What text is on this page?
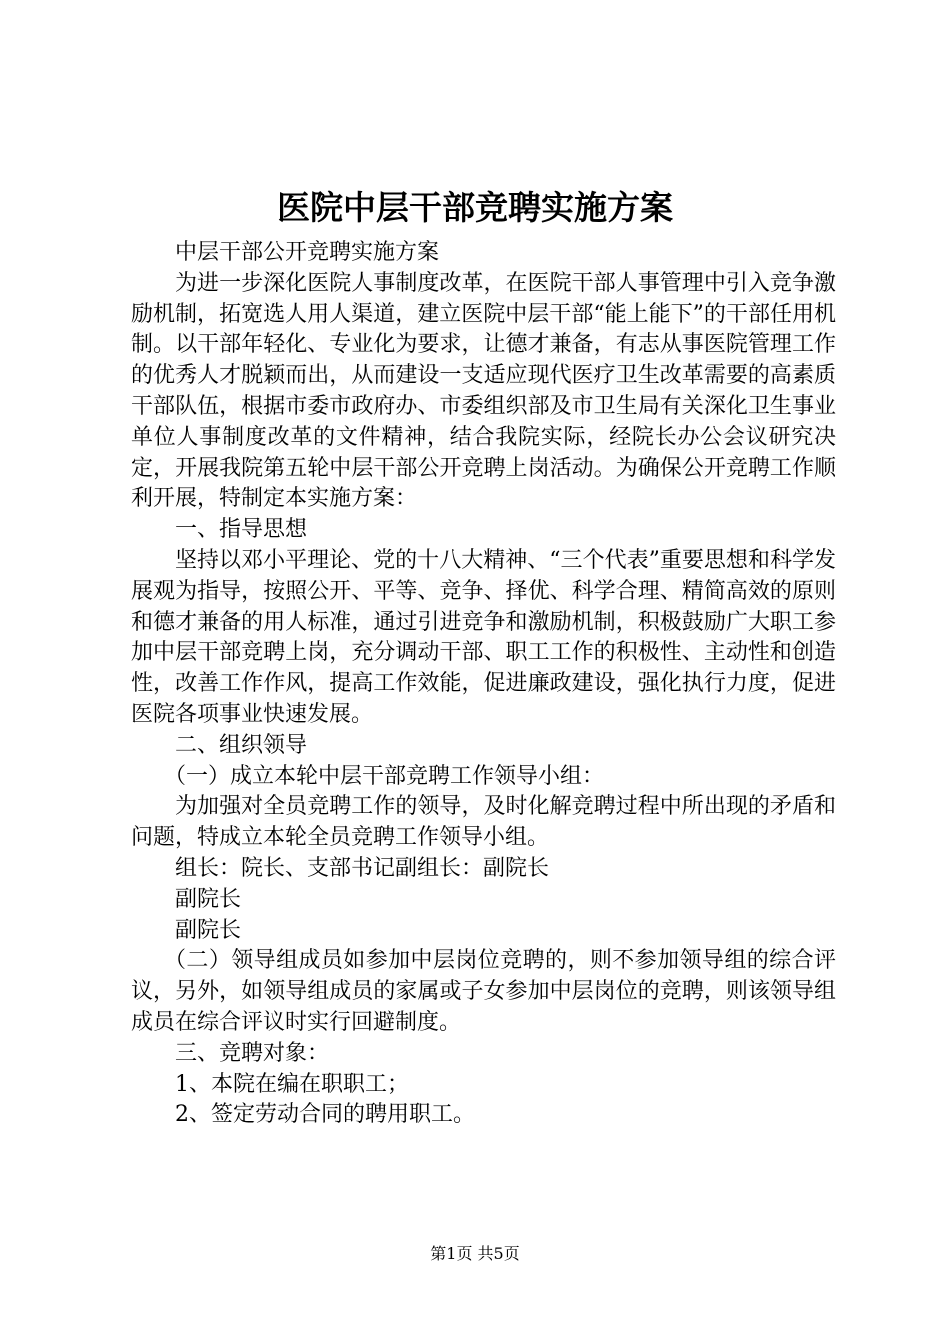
医院中层干部竞聘实施方案

中层干部公开竞聘实施方案

为进一步深化医院人事制度改革，在医院干部人事管理中引入竞争激励机制，拓宽选人用人渠道，建立医院中层干部“能上能下”的干部任用机制。以干部年轻化、专业化为要求，让德才兼备，有志从事医院管理工作的优秀人才脱颖而出，从而建设一支适应现代医疗卫生改革需要的高素质干部队伍，根据市委市政府办、市委组织部及市卫生局有关深化卫生事业单位人事制度改革的文件精神，结合我院实际，经院长办公会议研究决定，开展我院第五轮中层干部公开竞聘上岗活动。为确保公开竞聘工作顺利开展，特制定本实施方案：

一、指导思想

坚持以邓小平理论、党的十八大精神、“三个代表”重要思想和科学发展观为指导，按照公开、平等、竞争、择优、科学合理、精简高效的原则和德才兼备的用人标准，通过引进竞争和激励机制，积极鼓励广大职工参加中层干部竞聘上岗，充分调动干部、职工工作的积极性、主动性和创造性，改善工作作风，提高工作效能，促进廉政建设，强化执行力度，促进医院各项事业快速发展。

二、组织领导

（一）成立本轮中层干部竞聘工作领导小组：

为加强对全员竞聘工作的领导，及时化解竞聘过程中所出现的矛盾和问题，特成立本轮全员竞聘工作领导小组。

组长：院长、支部书记副组长：副院长

副院长

副院长

（二）领导组成员如参加中层岗位竞聘的，则不参加领导组的综合评议，另外，如领导组成员的家属或子女参加中层岗位的竞聘，则该领导组成员在综合评议时实行回避制度。

三、竞聘对象：

1、本院在编在职职工；

2、签定劳动合同的聘用职工。

第1页 共5页
